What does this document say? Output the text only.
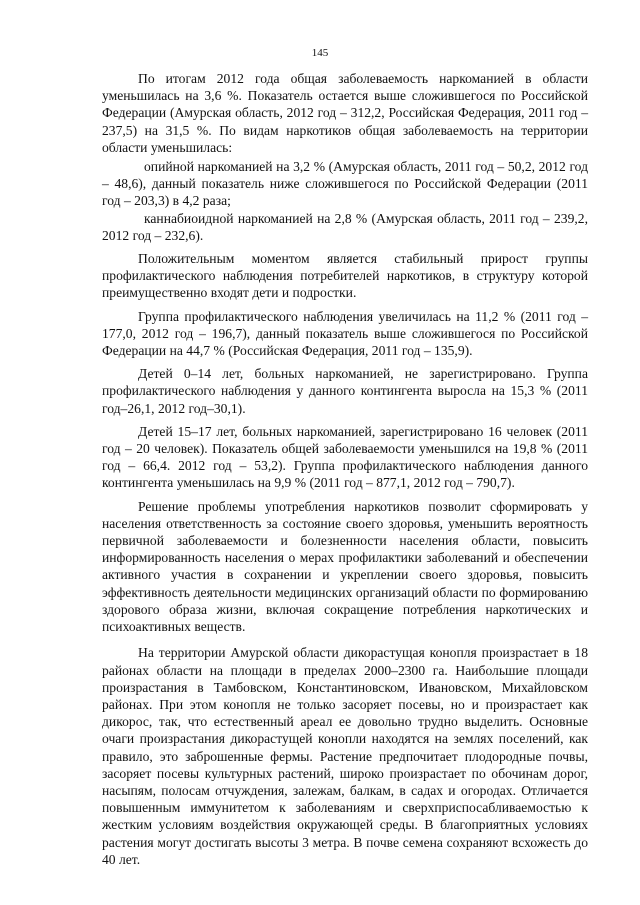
145

По итогам 2012 года общая заболеваемость наркоманией в области уменьшилась на 3,6 %. Показатель остается выше сложившегося по Российской Федерации (Амурская область, 2012 год – 312,2, Российская Федерация, 2011 год – 237,5) на 31,5 %. По видам наркотиков общая заболеваемость на территории области уменьшилась:

опийной наркоманией на 3,2 % (Амурская область, 2011 год – 50,2, 2012 год – 48,6), данный показатель ниже сложившегося по Российской Федерации (2011 год – 203,3) в 4,2 раза;

каннабиоидной наркоманией на 2,8 % (Амурская область, 2011 год – 239,2, 2012 год – 232,6).

Положительным моментом является стабильный прирост группы профилактического наблюдения потребителей наркотиков, в структуру которой преимущественно входят дети и подростки.

Группа профилактического наблюдения увеличилась на 11,2 % (2011 год – 177,0, 2012 год – 196,7), данный показатель выше сложившегося по Российской Федерации на 44,7 % (Российская Федерация, 2011 год – 135,9).

Детей 0–14 лет, больных наркоманией, не зарегистрировано. Группа профилактического наблюдения у данного контингента выросла на 15,3 % (2011 год–26,1, 2012 год–30,1).

Детей 15–17 лет, больных наркоманией, зарегистрировано 16 человек (2011 год – 20 человек). Показатель общей заболеваемости уменьшился на 19,8 % (2011 год – 66,4. 2012 год – 53,2). Группа профилактического наблюдения данного контингента уменьшилась на 9,9 % (2011 год – 877,1, 2012 год – 790,7).

Решение проблемы употребления наркотиков позволит сформировать у населения ответственность за состояние своего здоровья, уменьшить вероятность первичной заболеваемости и болезненности населения области, повысить информированность населения о мерах профилактики заболеваний и обеспечении активного участия в сохранении и укреплении своего здоровья, повысить эффективность деятельности медицинских организаций области по формированию здорового образа жизни, включая сокращение потребления наркотических и психоактивных веществ.

На территории Амурской области дикорастущая конопля произрастает в 18 районах области на площади в пределах 2000–2300 га. Наибольшие площади произрастания в Тамбовском, Константиновском, Ивановском, Михайловском районах. При этом конопля не только засоряет посевы, но и произрастает как дикорос, так, что естественный ареал ее довольно трудно выделить. Основные очаги произрастания дикорастущей конопли находятся на землях поселений, как правило, это заброшенные фермы. Растение предпочитает плодородные почвы, засоряет посевы культурных растений, широко произрастает по обочинам дорог, насыпям, полосам отчуждения, залежам, балкам, в садах и огородах. Отличается повышенным иммунитетом к заболеваниям и сверхприспосабливаемостью к жестким условиям воздействия окружающей среды. В благоприятных условиях растения могут достигать высоты 3 метра. В почве семена сохраняют всхожесть до 40 лет.
